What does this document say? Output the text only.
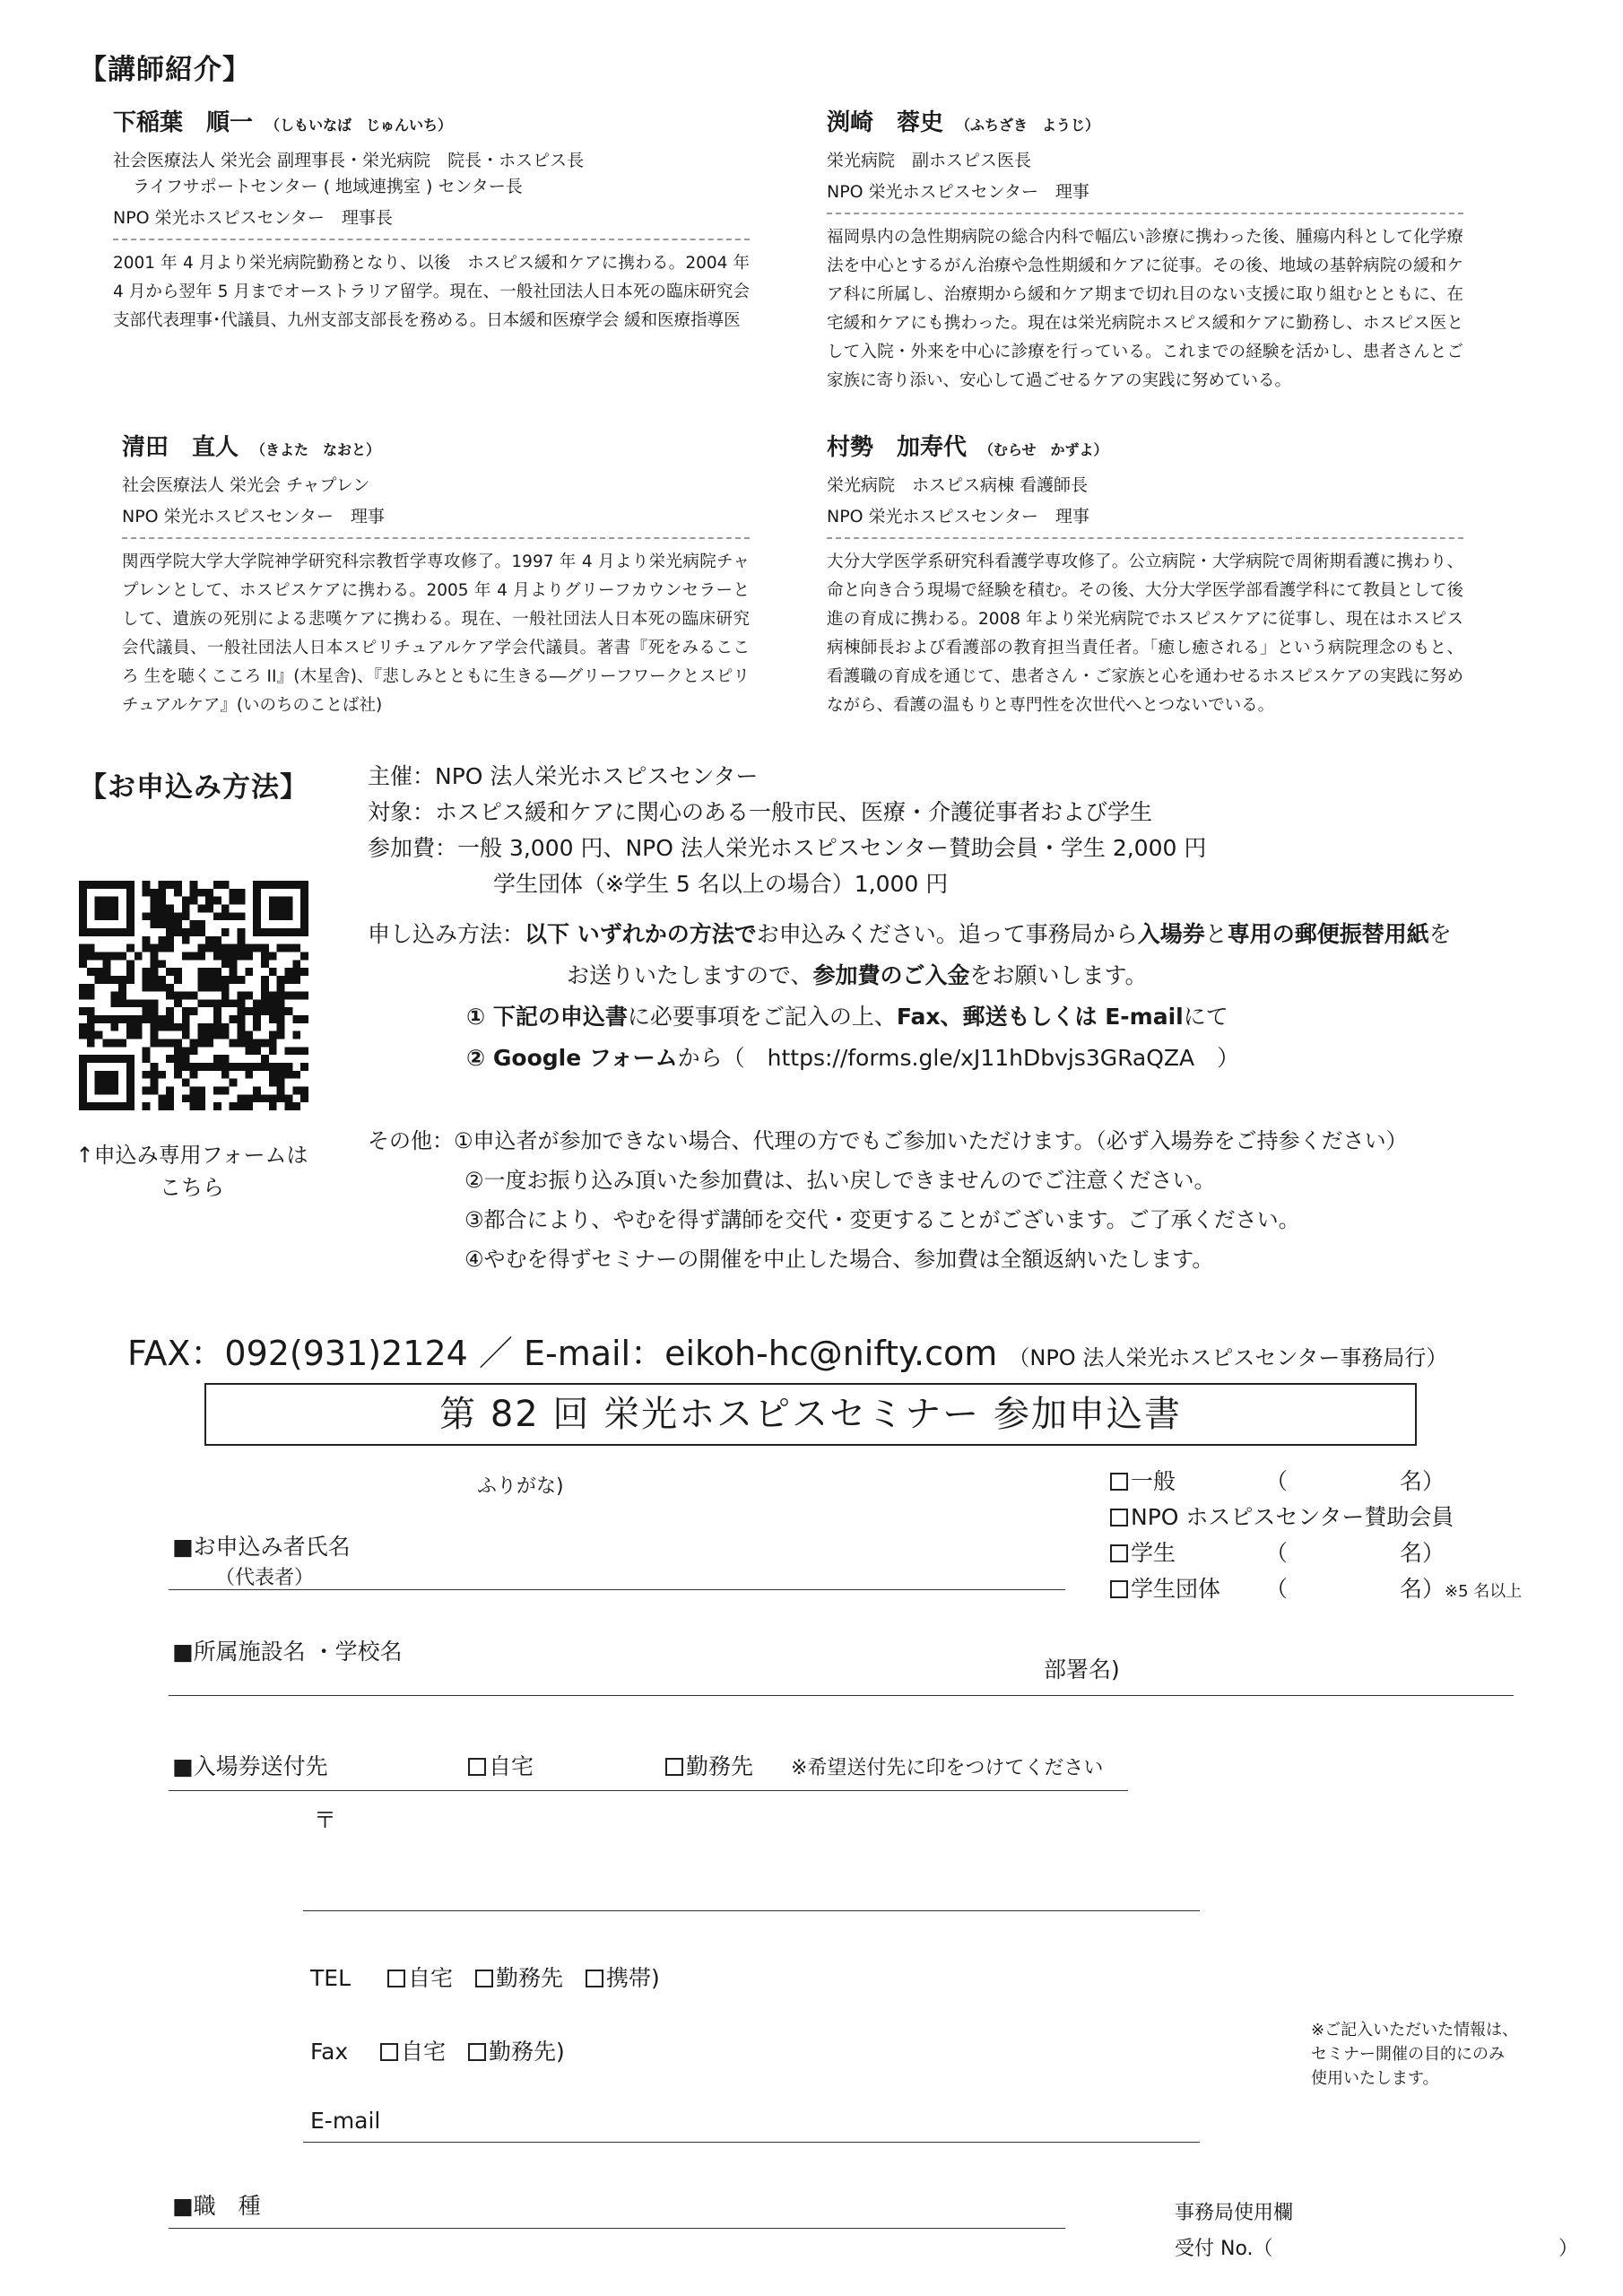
【講師紹介】
下稲葉　順一 （しもいなば　じゅんいち）
社会医療法人 栄光会 副理事長・栄光病院　院長・ホスピス長
ライフサポートセンター ( 地域連携室 ) センター長
NPO 栄光ホスピスセンター　理事長
2001 年 4 月より栄光病院勤務となり、以後　ホスピス緩和ケアに携わる。2004 年 4 月から翌年 5 月までオーストラリア留学。現在、一般社団法人日本死の臨床研究会 支部代表理事･代議員、九州支部支部長を務める。日本緩和医療学会 緩和医療指導医
渕崎　蓉史 （ふちざき　ようじ）
栄光病院　副ホスピス医長
NPO 栄光ホスピスセンター　理事
福岡県内の急性期病院の総合内科で幅広い診療に携わった後、腫瘍内科として化学療法を中心とするがん治療や急性期緩和ケアに従事。その後、地域の基幹病院の緩和ケア科に所属し、治療期から緩和ケア期まで切れ目のない支援に取り組むとともに、在宅緩和ケアにも携わった。現在は栄光病院ホスピス緩和ケアに勤務し、ホスピス医として入院・外来を中心に診療を行っている。これまでの経験を活かし、患者さんとご家族に寄り添い、安心して過ごせるケアの実践に努めている。
清田　直人 （きよた　なおと）
社会医療法人 栄光会 チャプレン
NPO 栄光ホスピスセンター　理事
関西学院大学大学院神学研究科宗教哲学専攻修了。1997 年 4 月より栄光病院チャプレンとして、ホスピスケアに携わる。2005 年 4 月よりグリーフカウンセラーとして、遺族の死別による悲嘆ケアに携わる。現在、一般社団法人日本死の臨床研究会代議員、一般社団法人日本スピリチュアルケア学会代議員。著書『死をみるこころ 生を聴くこころ II』(木星舎)、『悲しみとともに生きる―グリーフワークとスピリチュアルケア』(いのちのことば社)
村勢　加寿代 （むらせ　かずよ）
栄光病院　ホスピス病棟 看護師長
NPO 栄光ホスピスセンター　理事
大分大学医学系研究科看護学専攻修了。公立病院・大学病院で周術期看護に携わり、命と向き合う現場で経験を積む。その後、大分大学医学部看護学科にて教員として後進の育成に携わる。2008 年より栄光病院でホスピスケアに従事し、現在はホスピス病棟師長および看護部の教育担当責任者。「癒し癒される」という病院理念のもと、看護職の育成を通じて、患者さん・ご家族と心を通わせるホスピスケアの実践に努めながら、看護の温もりと専門性を次世代へとつないでいる。
【お申込み方法】
↑申込み専用フォームは
こちら
主催：NPO 法人栄光ホスピスセンター
対象：ホスピス緩和ケアに関心のある一般市民、医療・介護従事者および学生
参加費：一般 3,000 円、NPO 法人栄光ホスピスセンター賛助会員・学生 2,000 円
学生団体（※学生 5 名以上の場合）1,000 円
申し込み方法：以下 いずれかの方法でお申込みください。追って事務局から入場券と専用の郵便振替用紙を
お送りいたしますので、参加費のご入金をお願いします。
① 下記の申込書に必要事項をご記入の上、Fax、郵送もしくは E-mailにて
② Google フォームから（　https://forms.gle/xJ11hDbvjs3GRaQZA　）
その他：①申込者が参加できない場合、代理の方でもご参加いただけます。（必ず入場券をご持参ください）
②一度お振り込み頂いた参加費は、払い戻しできませんのでご注意ください。
③都合により、やむを得ず講師を交代・変更することがございます。ご了承ください。
④やむを得ずセミナーの開催を中止した場合、参加費は全額返納いたします。
FAX：092(931)2124 ／ E-mail：eikoh-hc@nifty.com （NPO 法人栄光ホスピスセンター事務局行）
第 82 回 栄光ホスピスセミナー 参加申込書
ふりがな)
■お申込み者氏名
（代表者）
一般	（　　　　　名）
NPO ホスピスセンター賛助会員
学生	（　　　　　名）
学生団体 （　　　　　名）※5 名以上
■所属施設名 ・学校名
部署名)
■入場券送付先	自宅	勤務先 ※希望送付先に印をつけてください
〒
TEL	自宅　勤務先　携帯)
Fax 自宅　勤務先)
E-mail
■職　種
※ご記入いただいた情報は、
セミナー開催の目的にのみ
使用いたします。
事務局使用欄
受付 No.（	）
